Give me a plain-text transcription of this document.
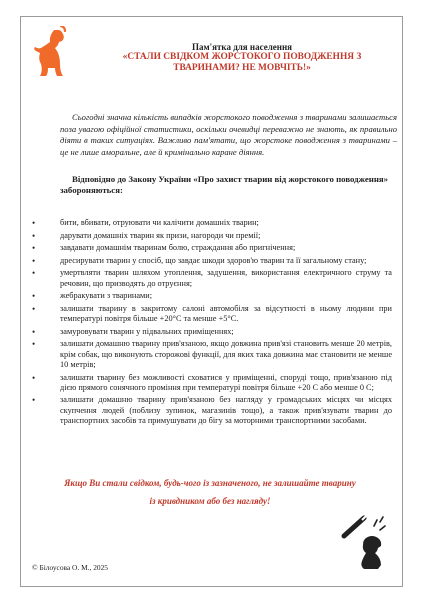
Пам'ятка для населення
«СТАЛИ СВІДКОМ ЖОРСТОКОГО ПОВОДЖЕННЯ З
ТВАРИНАМИ? НЕ МОВЧІТЬ!»
Сьогодні значна кількість випадків жорстокого поводження з тваринами залишається поза увагою офіційної статистики, оскільки очевидці переважно не знають, як правильно діяти в таких ситуаціях. Важливо пам'ятати, що жорстоке поводження з тваринами – це не лише аморальне, але й кримінально каране діяння.
Відповідно до Закону України «Про захист тварин від жорстокого поводження» забороняються:
• бити, вбивати, отруювати чи калічити домашніх тварин;
• дарувати домашніх тварин як призи, нагороди чи премії;
• завдавати домашнім тваринам болю, страждання або пригнічення;
• дресирувати тварин у спосіб, що завдає шкоди здоров'ю тварин та її загальному стану;
• умертвляти тварин шляхом утоплення, задушення, використання електричного струму та речовин, що призводять до отруєння;
• жебракувати з тваринами;
• залишати тварину в закритому салоні автомобіля за відсутності в ньому людини при температурі повітря більше +20°С та менше +5°С.
• замуровувати тварин у підвальних приміщеннях;
• залишати домашню тварину прив'язаною, якщо довжина прив'язі становить менше 20 метрів, крім собак, що виконують сторожові функції, для яких така довжина має становити не менше 10 метрів;
• залишати тварину без можливості сховатися у приміщенні, споруді тощо, прив'язаною під дією прямого сонячного проміння при температурі повітря більше +20 С або менше 0 С;
• залишати домашню тварину прив'язаною без нагляду у громадських місцях чи місцях скупчення людей (поблизу зупинок, магазинів тощо), а також прив'язувати тварин до транспортних засобів та примушувати до бігу за моторними транспортними засобами.
Якщо Ви стали свідком, будь-чого із зазначеного, не залишайте тварину
із кривдником або без нагляду!
© Білоусова О. М., 2025
